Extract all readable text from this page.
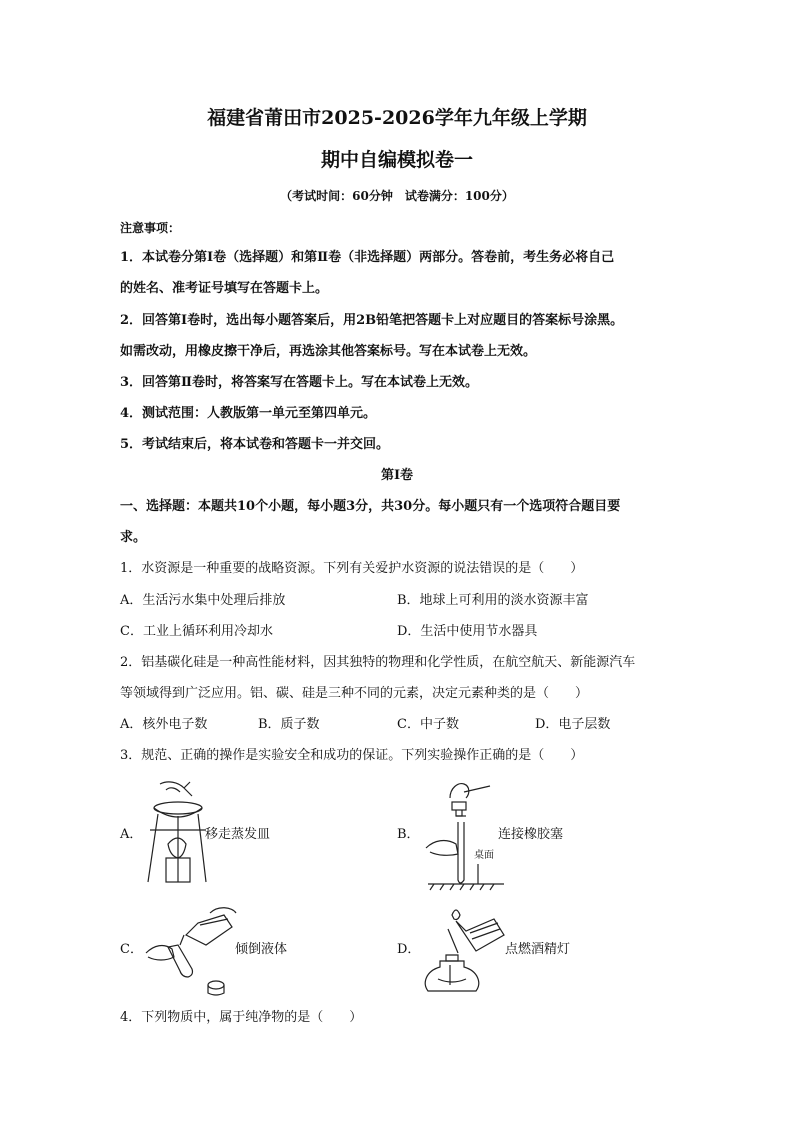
福建省莆田市2025-2026学年九年级上学期
期中自编模拟卷一
（考试时间：60分钟　试卷满分：100分）
注意事项：
1．本试卷分第Ⅰ卷（选择题）和第Ⅱ卷（非选择题）两部分。答卷前，考生务必将自己
的姓名、准考证号填写在答题卡上。
2．回答第Ⅰ卷时，选出每小题答案后，用2B铅笔把答题卡上对应题目的答案标号涂黑。
如需改动，用橡皮擦干净后，再选涂其他答案标号。写在本试卷上无效。
3．回答第Ⅱ卷时，将答案写在答题卡上。写在本试卷上无效。
4．测试范围：人教版第一单元至第四单元。
5．考试结束后，将本试卷和答题卡一并交回。
第Ⅰ卷
一、选择题：本题共10个小题，每小题3分，共30分。每小题只有一个选项符合题目要
求。
1．水资源是一种重要的战略资源。下列有关爱护水资源的说法错误的是（　　）
A．生活污水集中处理后排放	B．地球上可利用的淡水资源丰富
C．工业上循环利用冷却水	D．生活中使用节水器具
2．铝基碳化硅是一种高性能材料，因其独特的物理和化学性质，在航空航天、新能源汽车
等领域得到广泛应用。铝、碳、硅是三种不同的元素，决定元素种类的是（　　）
A．核外电子数	B．质子数	C．中子数	D．电子层数
3．规范、正确的操作是实验安全和成功的保证。下列实验操作正确的是（　　）
A．	移走蒸发皿	B．
桌面
连接橡胶塞
C．	倾倒液体	D．	点燃酒精灯
4．下列物质中，属于纯净物的是（　　）
